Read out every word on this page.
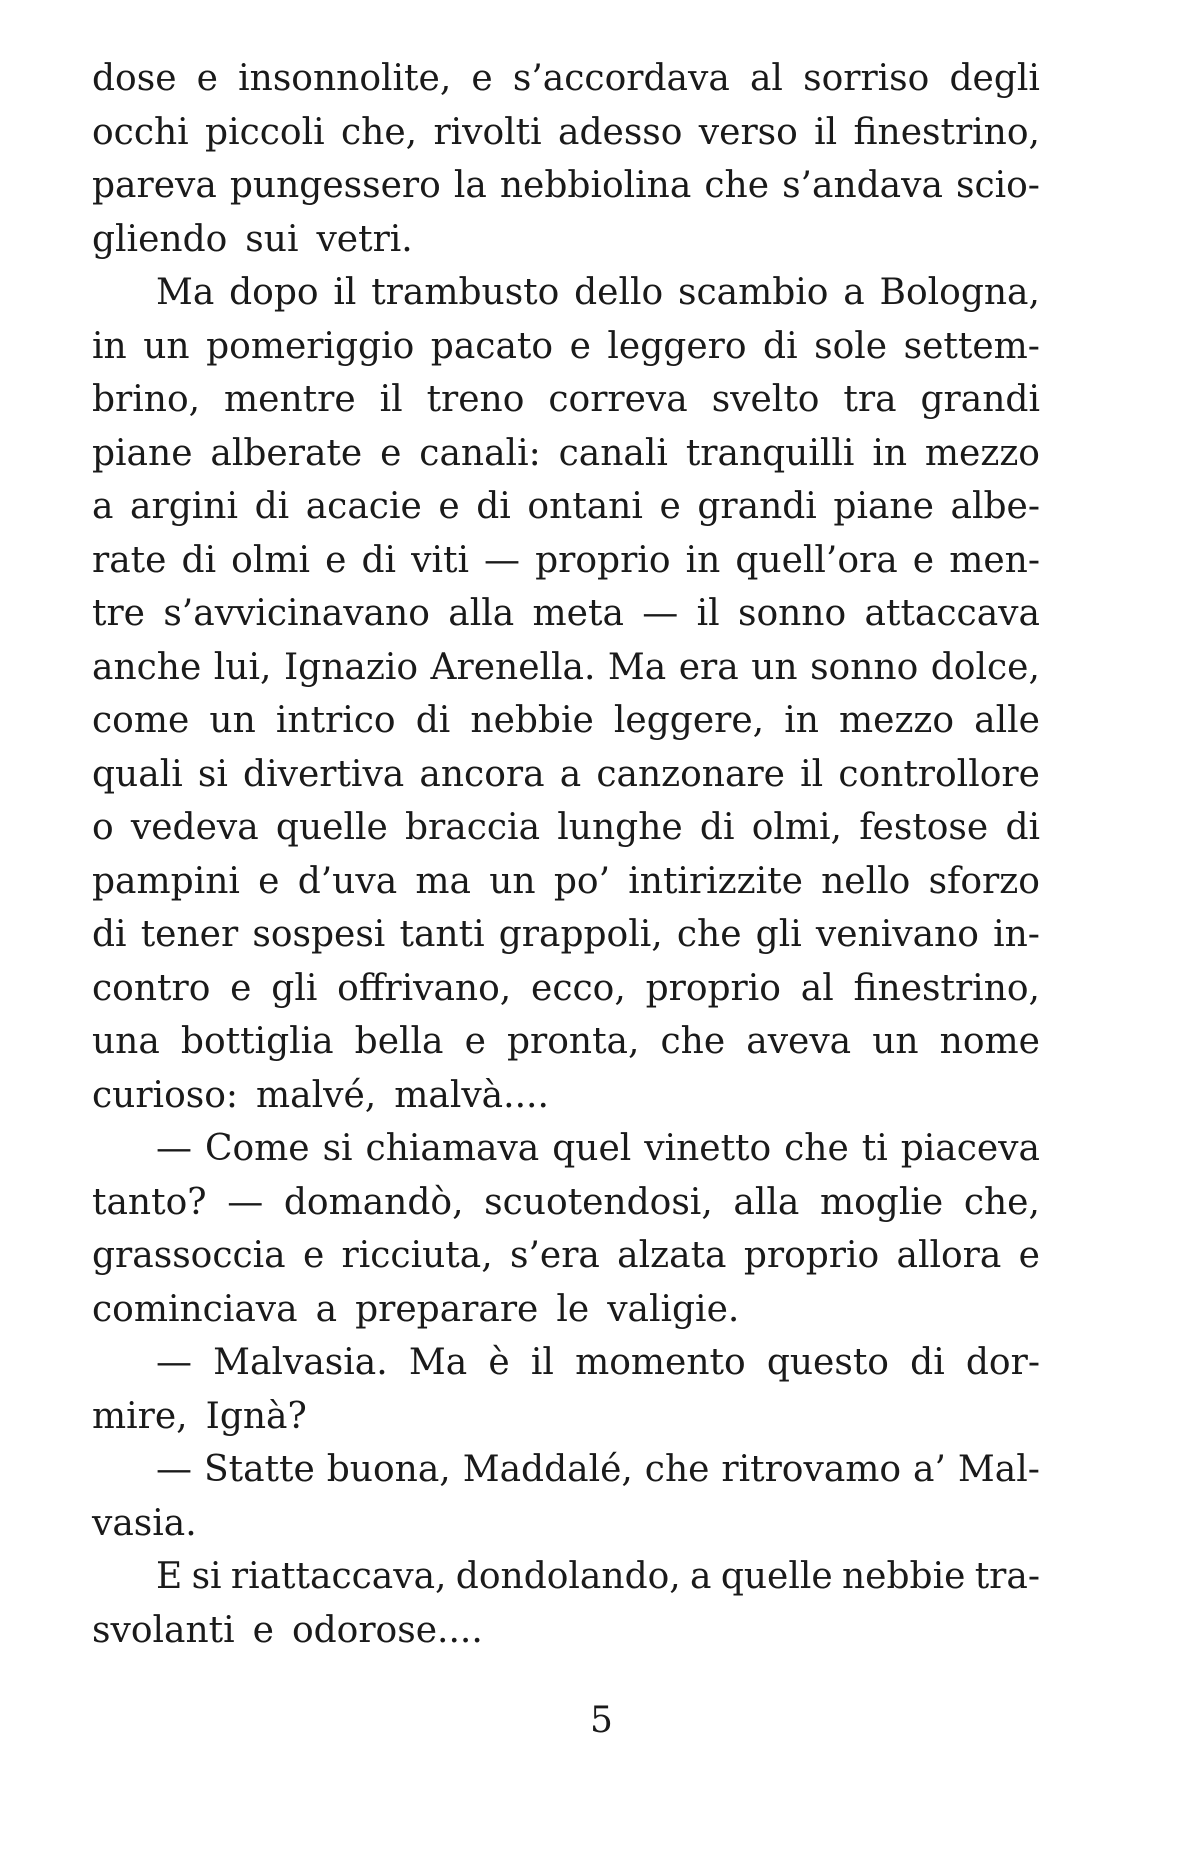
dose e insonnolite, e s’accordava al sorriso degli
occhi piccoli che, rivolti adesso verso il finestrino,
pareva pungessero la nebbiolina che s’andava scio-
gliendo sui vetri.
Ma dopo il trambusto dello scambio a Bologna,
in un pomeriggio pacato e leggero di sole settem-
brino, mentre il treno correva svelto tra grandi
piane alberate e canali: canali tranquilli in mezzo
a argini di acacie e di ontani e grandi piane albe-
rate di olmi e di viti — proprio in quell’ora e men-
tre s’avvicinavano alla meta — il sonno attaccava
anche lui, Ignazio Arenella. Ma era un sonno dolce,
come un intrico di nebbie leggere, in mezzo alle
quali si divertiva ancora a canzonare il controllore
o vedeva quelle braccia lunghe di olmi, festose di
pampini e d’uva ma un po’ intirizzite nello sforzo
di tener sospesi tanti grappoli, che gli venivano in-
contro e gli offrivano, ecco, proprio al finestrino,
una bottiglia bella e pronta, che aveva un nome
curioso: malvé, malvà....
— Come si chiamava quel vinetto che ti piaceva
tanto? — domandò, scuotendosi, alla moglie che,
grassoccia e ricciuta, s’era alzata proprio allora e
cominciava a preparare le valigie.
— Malvasia. Ma è il momento questo di dor-
mire, Ignà?
— Statte buona, Maddalé, che ritrovamo a’ Mal-
vasia.
E si riattaccava, dondolando, a quelle nebbie tra-
svolanti e odorose....
5
